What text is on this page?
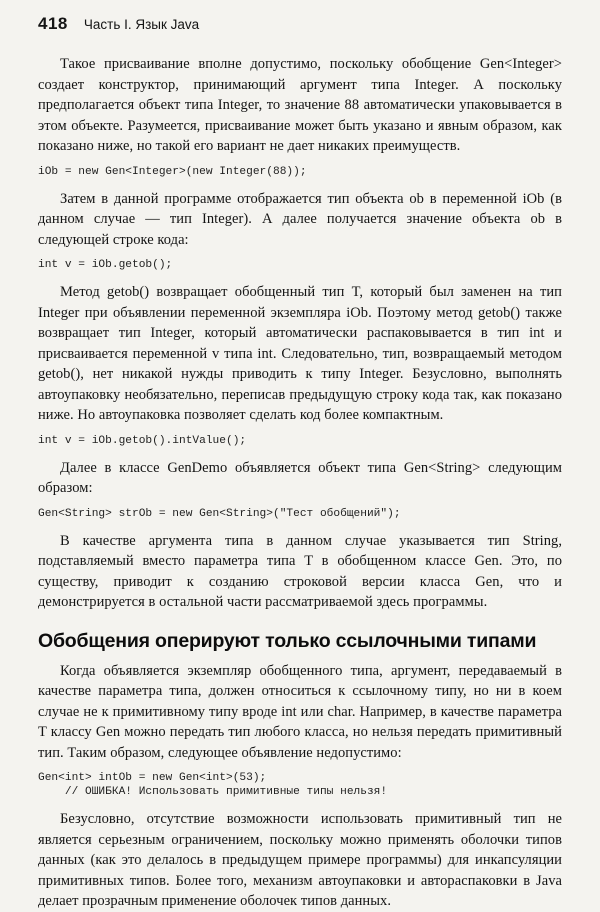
418 Часть I. Язык Java

Такое присваивание вполне допустимо, поскольку обобщение Gen<Integer> создает конструктор, принимающий аргумент типа Integer. А поскольку предполагается объект типа Integer, то значение 88 автоматически упаковывается в этом объекте. Разумеется, присваивание может быть указано и явным образом, как показано ниже, но такой его вариант не дает никаких преимуществ.

iOb = new Gen<Integer>(new Integer(88));

Затем в данной программе отображается тип объекта ob в переменной iOb (в данном случае — тип Integer). А далее получается значение объекта ob в следующей строке кода:

int v = iOb.getob();

Метод getob() возвращает обобщенный тип T, который был заменен на тип Integer при объявлении переменной экземпляра iOb. Поэтому метод getob() также возвращает тип Integer, который автоматически распаковывается в тип int и присваивается переменной v типа int. Следовательно, тип, возвращаемый методом getob(), нет никакой нужды приводить к типу Integer. Безусловно, выполнять автоупаковку необязательно, переписав предыдущую строку кода так, как показано ниже. Но автоупаковка позволяет сделать код более компактным.

int v = iOb.getob().intValue();

Далее в классе GenDemo объявляется объект типа Gen<String> следующим образом:

Gen<String> strOb = new Gen<String>("Тест обобщений");

В качестве аргумента типа в данном случае указывается тип String, подставляемый вместо параметра типа T в обобщенном классе Gen. Это, по существу, приводит к созданию строковой версии класса Gen, что и демонстрируется в остальной части рассматриваемой здесь программы.

Обобщения оперируют только ссылочными типами

Когда объявляется экземпляр обобщенного типа, аргумент, передаваемый в качестве параметра типа, должен относиться к ссылочному типу, но ни в коем случае не к примитивному типу вроде int или char. Например, в качестве параметра T классу Gen можно передать тип любого класса, но нельзя передать примитивный тип. Таким образом, следующее объявление недопустимо:

Gen<int> intOb = new Gen<int>(53);
// ОШИБКА! Использовать примитивные типы нельзя!

Безусловно, отсутствие возможности использовать примитивный тип не является серьезным ограничением, поскольку можно применять оболочки типов данных (как это делалось в предыдущем примере программы) для инкапсуляции примитивных типов. Более того, механизм автоупаковки и автораспаковки в Java делает прозрачным применение оболочек типов данных.
